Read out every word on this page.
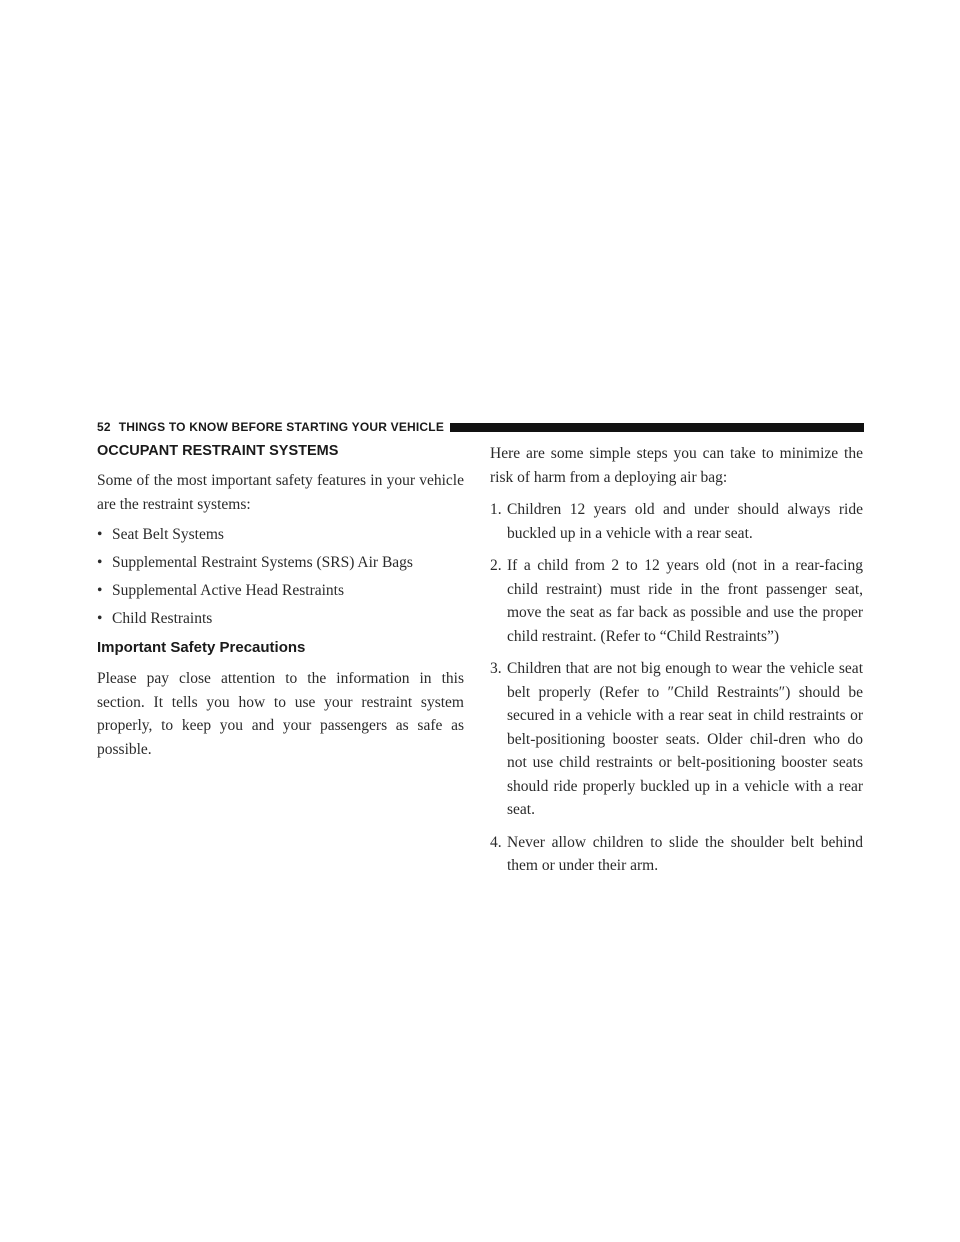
52 THINGS TO KNOW BEFORE STARTING YOUR VEHICLE
OCCUPANT RESTRAINT SYSTEMS

Some of the most important safety features in your vehicle are the restraint systems:

• Seat Belt Systems
• Supplemental Restraint Systems (SRS) Air Bags
• Supplemental Active Head Restraints
• Child Restraints
Important Safety Precautions

Please pay close attention to the information in this section. It tells you how to use your restraint system properly, to keep you and your passengers as safe as possible.

Here are some simple steps you can take to minimize the risk of harm from a deploying air bag:

1. Children 12 years old and under should always ride buckled up in a vehicle with a rear seat.
2. If a child from 2 to 12 years old (not in a rear-facing child restraint) must ride in the front passenger seat, move the seat as far back as possible and use the proper child restraint. (Refer to “Child Restraints”)
3. Children that are not big enough to wear the vehicle seat belt properly (Refer to ″Child Restraints″) should be secured in a vehicle with a rear seat in child restraints or belt-positioning booster seats. Older chil-dren who do not use child restraints or belt-positioning booster seats should ride properly buckled up in a vehicle with a rear seat.
4. Never allow children to slide the shoulder belt behind them or under their arm.
